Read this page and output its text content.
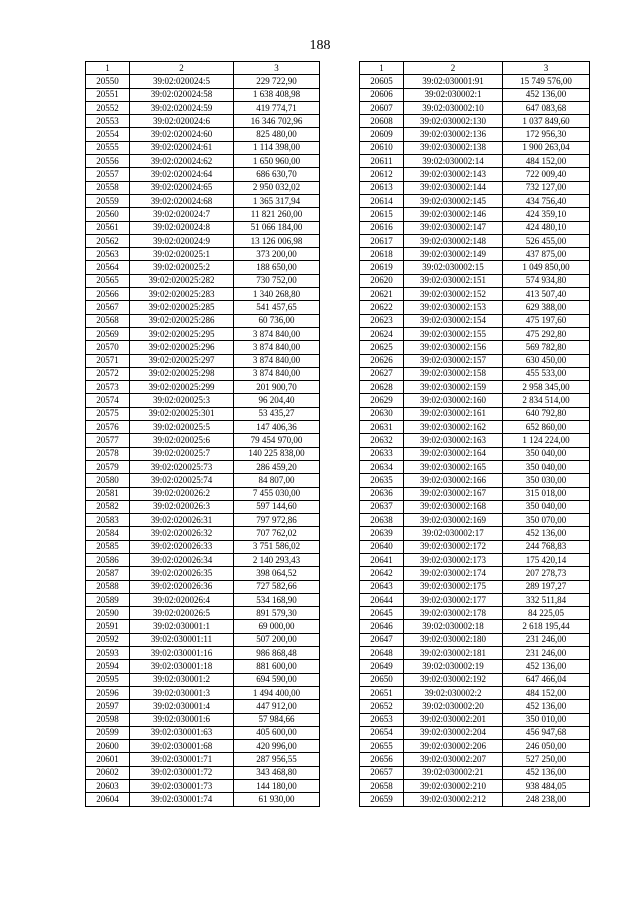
188
1	2	3
20550	39:02:020024:5	229 722,90
20551	39:02:020024:58	1 638 408,98
20552	39:02:020024:59	419 774,71
20553	39:02:020024:6	16 346 702,96
20554	39:02:020024:60	825 480,00
20555	39:02:020024:61	1 114 398,00
20556	39:02:020024:62	1 650 960,00
20557	39:02:020024:64	686 630,70
20558	39:02:020024:65	2 950 032,02
20559	39:02:020024:68	1 365 317,94
20560	39:02:020024:7	11 821 260,00
20561	39:02:020024:8	51 066 184,00
20562	39:02:020024:9	13 126 006,98
20563	39:02:020025:1	373 200,00
20564	39:02:020025:2	188 650,00
20565	39:02:020025:282	730 752,00
20566	39:02:020025:283	1 340 268,80
20567	39:02:020025:285	541 457,65
20568	39:02:020025:286	60 736,00
20569	39:02:020025:295	3 874 840,00
20570	39:02:020025:296	3 874 840,00
20571	39:02:020025:297	3 874 840,00
20572	39:02:020025:298	3 874 840,00
20573	39:02:020025:299	201 900,70
20574	39:02:020025:3	96 204,40
20575	39:02:020025:301	53 435,27
20576	39:02:020025:5	147 406,36
20577	39:02:020025:6	79 454 970,00
20578	39:02:020025:7	140 225 838,00
20579	39:02:020025:73	286 459,20
20580	39:02:020025:74	84 807,00
20581	39:02:020026:2	7 455 030,00
20582	39:02:020026:3	597 144,60
20583	39:02:020026:31	797 972,86
20584	39:02:020026:32	707 762,02
20585	39:02:020026:33	3 751 586,02
20586	39:02:020026:34	2 140 293,43
20587	39:02:020026:35	398 064,52
20588	39:02:020026:36	727 582,66
20589	39:02:020026:4	534 168,90
20590	39:02:020026:5	891 579,30
20591	39:02:030001:1	69 000,00
20592	39:02:030001:11	507 200,00
20593	39:02:030001:16	986 868,48
20594	39:02:030001:18	881 600,00
20595	39:02:030001:2	694 590,00
20596	39:02:030001:3	1 494 400,00
20597	39:02:030001:4	447 912,00
20598	39:02:030001:6	57 984,66
20599	39:02:030001:63	405 600,00
20600	39:02:030001:68	420 996,00
20601	39:02:030001:71	287 956,55
20602	39:02:030001:72	343 468,80
20603	39:02:030001:73	144 180,00
20604	39:02:030001:74	61 930,00
1	2	3
20605	39:02:030001:91	15 749 576,00
20606	39:02:030002:1	452 136,00
20607	39:02:030002:10	647 083,68
20608	39:02:030002:130	1 037 849,60
20609	39:02:030002:136	172 956,30
20610	39:02:030002:138	1 900 263,04
20611	39:02:030002:14	484 152,00
20612	39:02:030002:143	722 009,40
20613	39:02:030002:144	732 127,00
20614	39:02:030002:145	434 756,40
20615	39:02:030002:146	424 359,10
20616	39:02:030002:147	424 480,10
20617	39:02:030002:148	526 455,00
20618	39:02:030002:149	437 875,00
20619	39:02:030002:15	1 049 850,00
20620	39:02:030002:151	574 934,80
20621	39:02:030002:152	413 507,40
20622	39:02:030002:153	629 388,00
20623	39:02:030002:154	475 197,60
20624	39:02:030002:155	475 292,80
20625	39:02:030002:156	569 782,80
20626	39:02:030002:157	630 450,00
20627	39:02:030002:158	455 533,00
20628	39:02:030002:159	2 958 345,00
20629	39:02:030002:160	2 834 514,00
20630	39:02:030002:161	640 792,80
20631	39:02:030002:162	652 860,00
20632	39:02:030002:163	1 124 224,00
20633	39:02:030002:164	350 040,00
20634	39:02:030002:165	350 040,00
20635	39:02:030002:166	350 030,00
20636	39:02:030002:167	315 018,00
20637	39:02:030002:168	350 040,00
20638	39:02:030002:169	350 070,00
20639	39:02:030002:17	452 136,00
20640	39:02:030002:172	244 768,83
20641	39:02:030002:173	175 420,14
20642	39:02:030002:174	207 278,73
20643	39:02:030002:175	289 197,27
20644	39:02:030002:177	332 511,84
20645	39:02:030002:178	84 225,05
20646	39:02:030002:18	2 618 195,44
20647	39:02:030002:180	231 246,00
20648	39:02:030002:181	231 246,00
20649	39:02:030002:19	452 136,00
20650	39:02:030002:192	647 466,04
20651	39:02:030002:2	484 152,00
20652	39:02:030002:20	452 136,00
20653	39:02:030002:201	350 010,00
20654	39:02:030002:204	456 947,68
20655	39:02:030002:206	246 050,00
20656	39:02:030002:207	527 250,00
20657	39:02:030002:21	452 136,00
20658	39:02:030002:210	938 484,05
20659	39:02:030002:212	248 238,00
